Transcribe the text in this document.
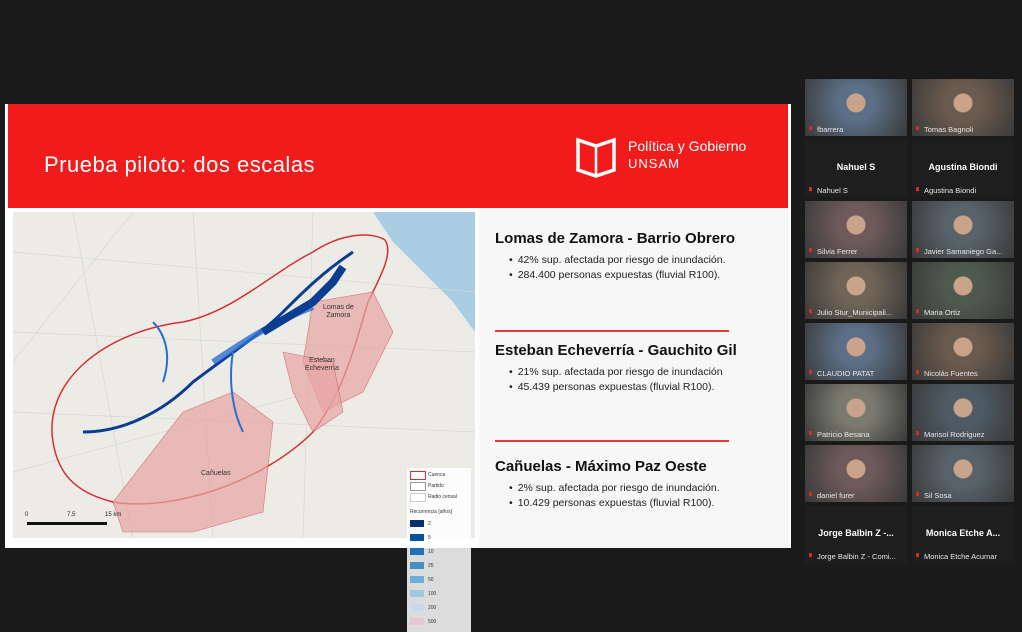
Prueba piloto: dos escalas
Política y Gobierno
UNSAM
Lomas de
Zamora
Esteban
Echeverría
Cañuelas	Cuenca
Partido
Radio censal
Recurrencia [años]
2
5
10
25
50
100
200
500
0	7.5	15 km
Lomas de Zamora - Barrio Obrero
• 42% sup. afectada por riesgo de inundación.
• 284.400 personas expuestas (fluvial R100).
Esteban Echeverría - Gauchito Gil
• 21% sup. afectada por riesgo de inundación
• 45.439 personas expuestas (fluvial R100).
Cañuelas - Máximo Paz Oeste
• 2% sup. afectada por riesgo de inundación.
• 10.429 personas expuestas (fluvial R100).
fbarrera	Tomas Bagnoli
Nahuel S
Nahuel S
Agustina Biondi
Agustina Biondi
Silvia Ferrer	Javier Samaniego Ga...
Julio Stur_Municipali...	Maria Ortiz
CLAUDIO PATAT	Nicolás Fuentes
Patricio Besana	Marisol Rodriguez
daniel furer	Sil Sosa
Jorge Balbin Z -...
Jorge Balbin Z - Comi...
Monica Etche A...
Monica Etche Acumar
